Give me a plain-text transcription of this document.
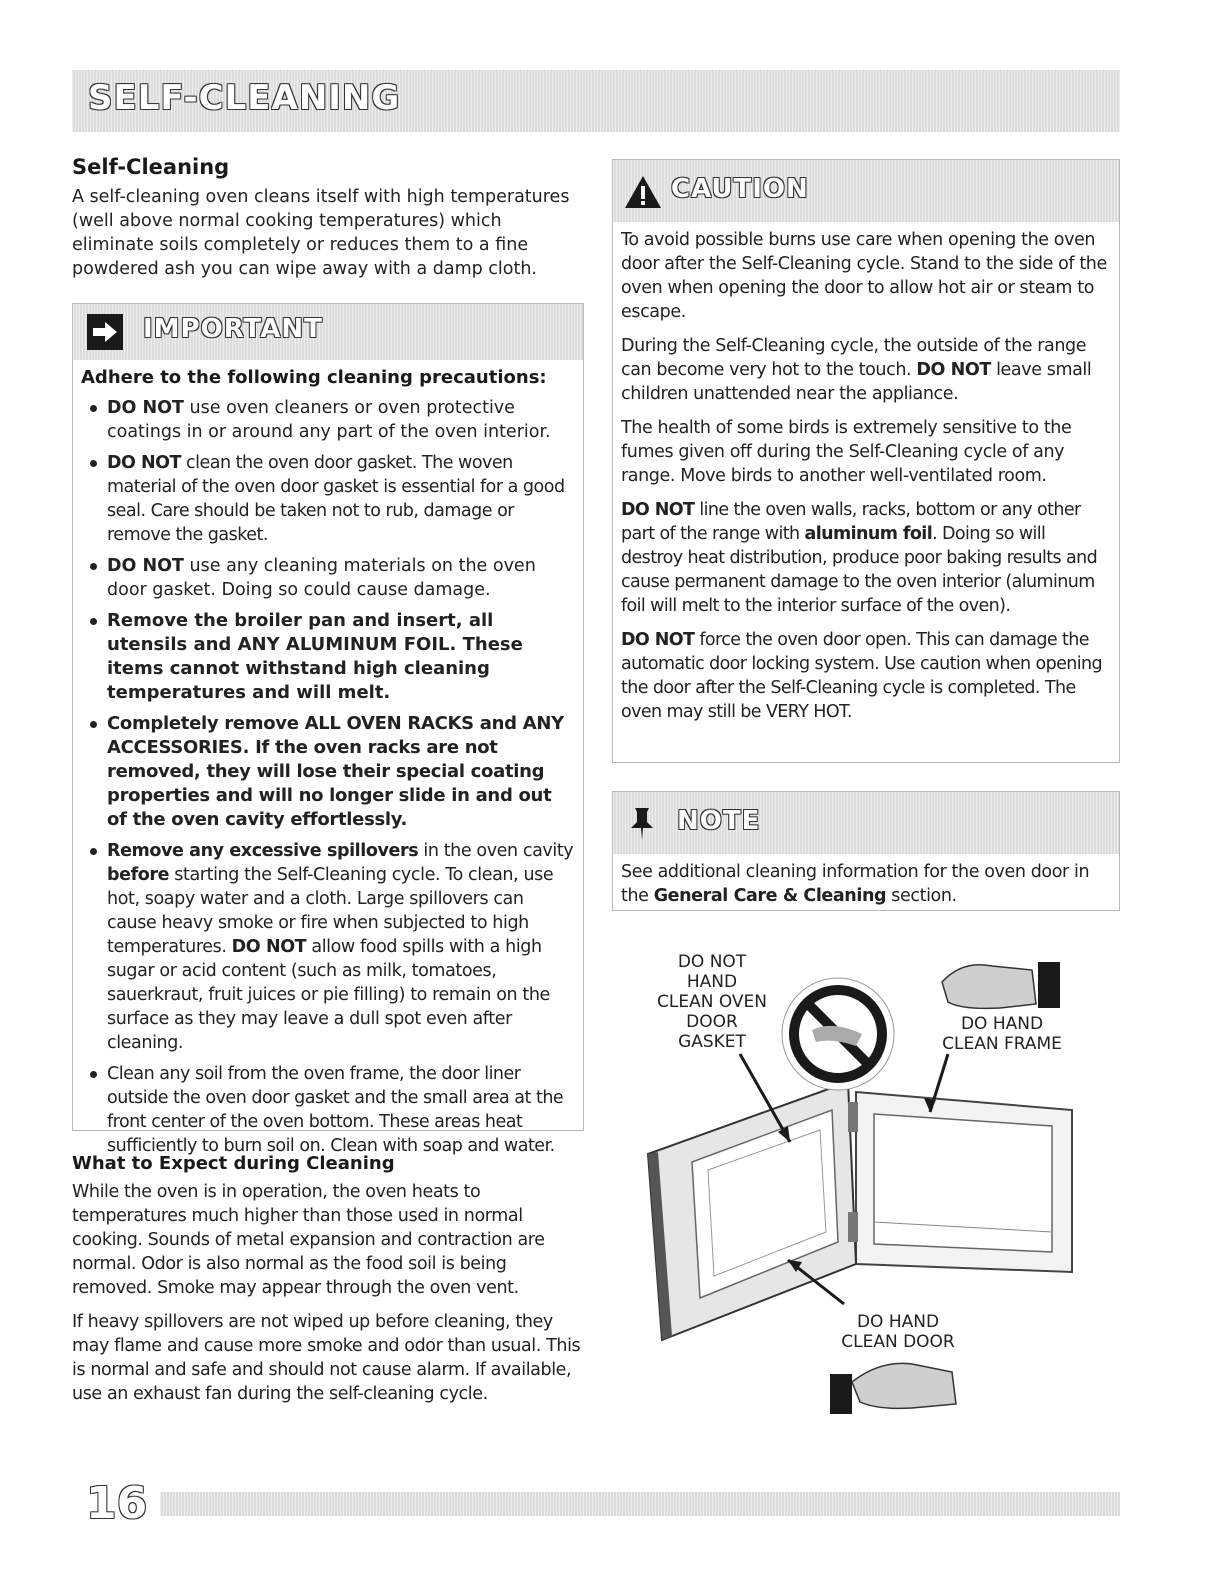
SELF-CLEANING
Self-Cleaning

A self-cleaning oven cleans itself with high temperatures (well above normal cooking temperatures) which eliminate soils completely or reduces them to a fine powdered ash you can wipe away with a damp cloth.

IMPORTANT
Adhere to the following cleaning precautions:
DO NOT use oven cleaners or oven protective coatings in or around any part of the oven interior.
DO NOT clean the oven door gasket. The woven material of the oven door gasket is essential for a good seal. Care should be taken not to rub, damage or remove the gasket.
DO NOT use any cleaning materials on the oven door gasket. Doing so could cause damage.
Remove the broiler pan and insert, all utensils and ANY ALUMINUM FOIL. These items cannot withstand high cleaning temperatures and will melt.
Completely remove ALL OVEN RACKS and ANY ACCESSORIES. If the oven racks are not removed, they will lose their special coating properties and will no longer slide in and out of the oven cavity effortlessly.
Remove any excessive spillovers in the oven cavity before starting the Self-Cleaning cycle. To clean, use hot, soapy water and a cloth. Large spillovers can cause heavy smoke or fire when subjected to high temperatures. DO NOT allow food spills with a high sugar or acid content (such as milk, tomatoes, sauerkraut, fruit juices or pie filling) to remain on the surface as they may leave a dull spot even after cleaning.
Clean any soil from the oven frame, the door liner outside the oven door gasket and the small area at the front center of the oven bottom. These areas heat sufficiently to burn soil on. Clean with soap and water.
What to Expect during Cleaning

While the oven is in operation, the oven heats to temperatures much higher than those used in normal cooking. Sounds of metal expansion and contraction are normal. Odor is also normal as the food soil is being removed. Smoke may appear through the oven vent.

If heavy spillovers are not wiped up before cleaning, they may flame and cause more smoke and odor than usual. This is normal and safe and should not cause alarm. If available, use an exhaust fan during the self-cleaning cycle.

CAUTION

To avoid possible burns use care when opening the oven door after the Self-Cleaning cycle. Stand to the side of the oven when opening the door to allow hot air or steam to escape.

During the Self-Cleaning cycle, the outside of the range can become very hot to the touch. DO NOT leave small children unattended near the appliance.

The health of some birds is extremely sensitive to the fumes given off during the Self-Cleaning cycle of any range. Move birds to another well-ventilated room.

DO NOT line the oven walls, racks, bottom or any other part of the range with aluminum foil. Doing so will destroy heat distribution, produce poor baking results and cause permanent damage to the oven interior (aluminum foil will melt to the interior surface of the oven).

DO NOT force the oven door open. This can damage the automatic door locking system. Use caution when opening the door after the Self-Cleaning cycle is completed. The oven may still be VERY HOT.

NOTE

See additional cleaning information for the oven door in the General Care & Cleaning section.

DO NOT
HAND
CLEAN OVEN
DOOR
GASKET
DO HAND
CLEAN FRAME
DO HAND
CLEAN DOOR
16
